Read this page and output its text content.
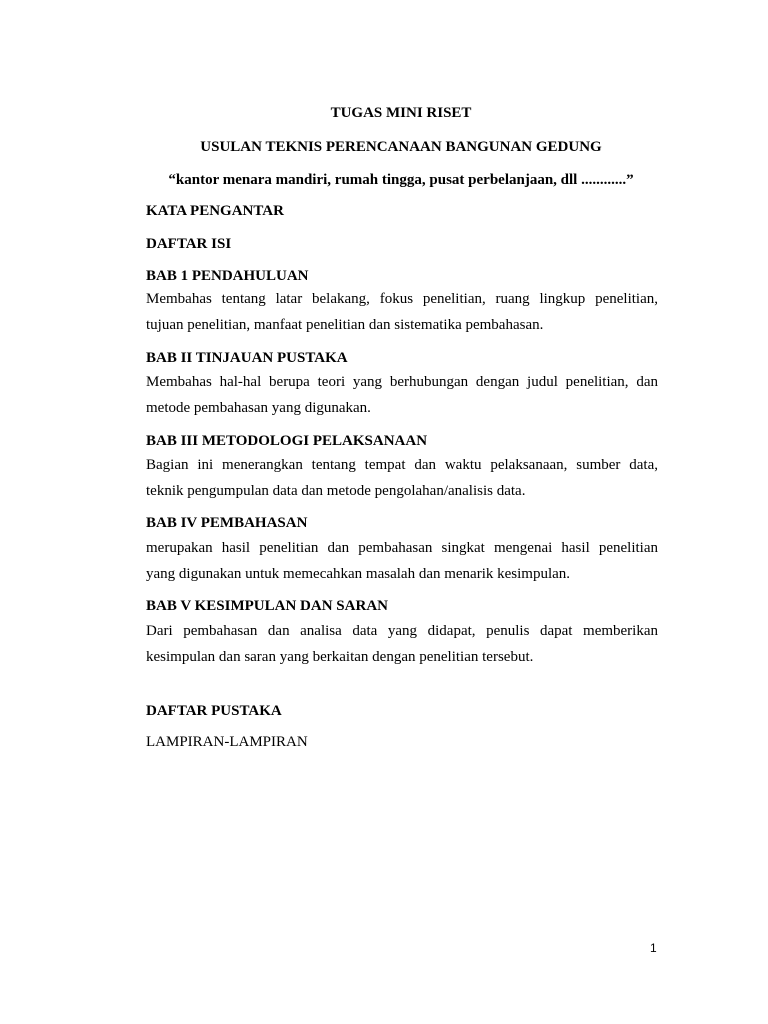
TUGAS MINI RISET
USULAN TEKNIS PERENCANAAN BANGUNAN GEDUNG
“kantor menara mandiri, rumah tingga, pusat perbelanjaan, dll ............”
KATA PENGANTAR
DAFTAR ISI
BAB 1 PENDAHULUAN
Membahas tentang latar belakang, fokus penelitian, ruang lingkup penelitian,
tujuan penelitian, manfaat penelitian dan sistematika pembahasan.
BAB II TINJAUAN PUSTAKA
Membahas hal-hal berupa teori yang berhubungan dengan judul penelitian, dan
metode pembahasan yang digunakan.
BAB III METODOLOGI PELAKSANAAN
Bagian ini menerangkan tentang tempat dan waktu pelaksanaan, sumber data,
teknik pengumpulan data dan metode pengolahan/analisis data.
BAB IV PEMBAHASAN
merupakan hasil penelitian dan pembahasan singkat mengenai hasil penelitian
yang digunakan untuk memecahkan masalah dan menarik kesimpulan.
BAB V KESIMPULAN DAN SARAN
Dari pembahasan dan analisa data yang didapat, penulis dapat memberikan
kesimpulan dan saran yang berkaitan dengan penelitian tersebut.
DAFTAR PUSTAKA
LAMPIRAN-LAMPIRAN
1
